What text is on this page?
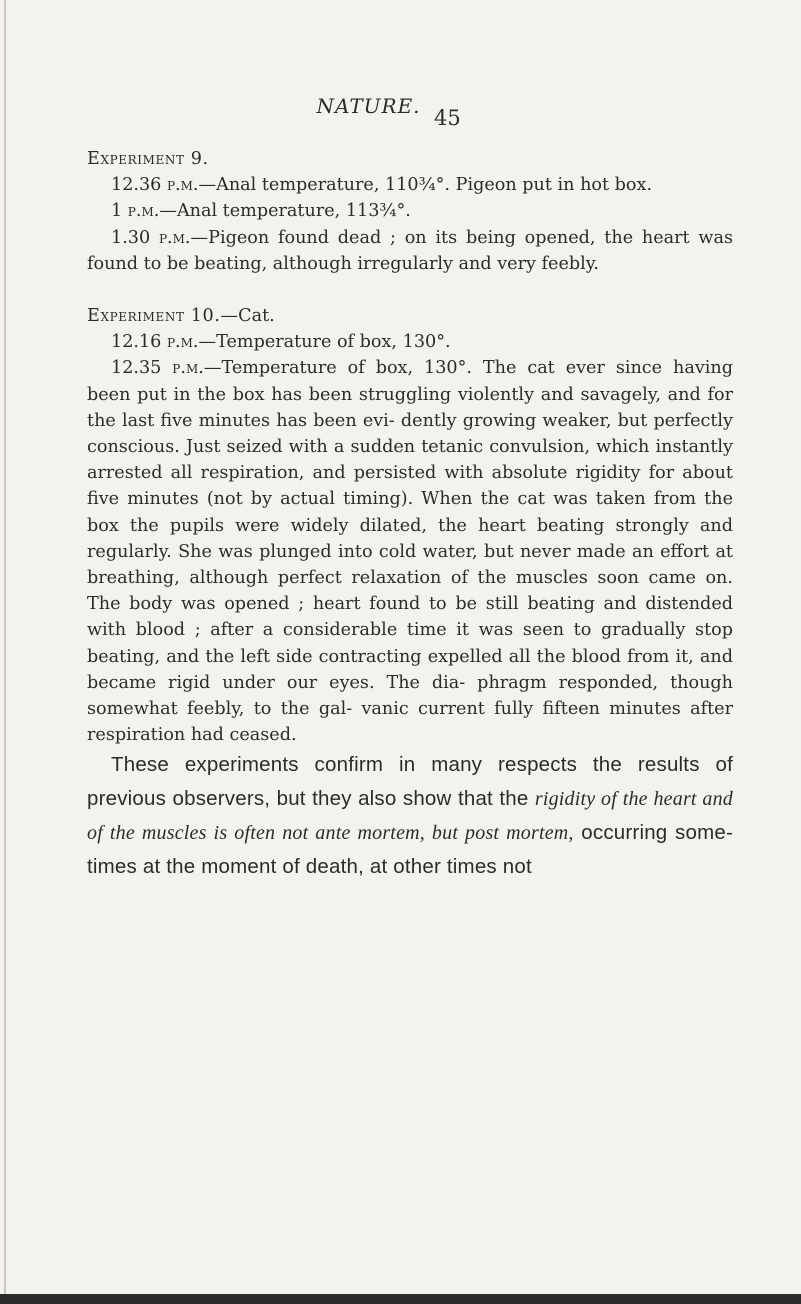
NATURE. 45

Experiment 9.

12.36 p.m.—Anal temperature, 110¾°. Pigeon put in hot box.

1 p.m.—Anal temperature, 113¾°.

1.30 p.m.—Pigeon found dead ; on its being opened, the heart was found to be beating, although irregularly and very feebly.

Experiment 10.—Cat.

12.16 p.m.—Temperature of box, 130°.

12.35 p.m.—Temperature of box, 130°. The cat ever since having been put in the box has been struggling violently and savagely, and for the last five minutes has been evi- dently growing weaker, but perfectly conscious. Just seized with a sudden tetanic convulsion, which instantly arrested all respiration, and persisted with absolute rigidity for about five minutes (not by actual timing). When the cat was taken from the box the pupils were widely dilated, the heart beating strongly and regularly. She was plunged into cold water, but never made an effort at breathing, although perfect relaxation of the muscles soon came on. The body was opened ; heart found to be still beating and distended with blood ; after a considerable time it was seen to gradually stop beating, and the left side contracting expelled all the blood from it, and became rigid under our eyes. The dia- phragm responded, though somewhat feebly, to the gal- vanic current fully fifteen minutes after respiration had ceased.

These experiments confirm in many respects the results of previous observers, but they also show that the rigidity of the heart and of the muscles is often not ante mortem, but post mortem, occurring some- times at the moment of death, at other times not
